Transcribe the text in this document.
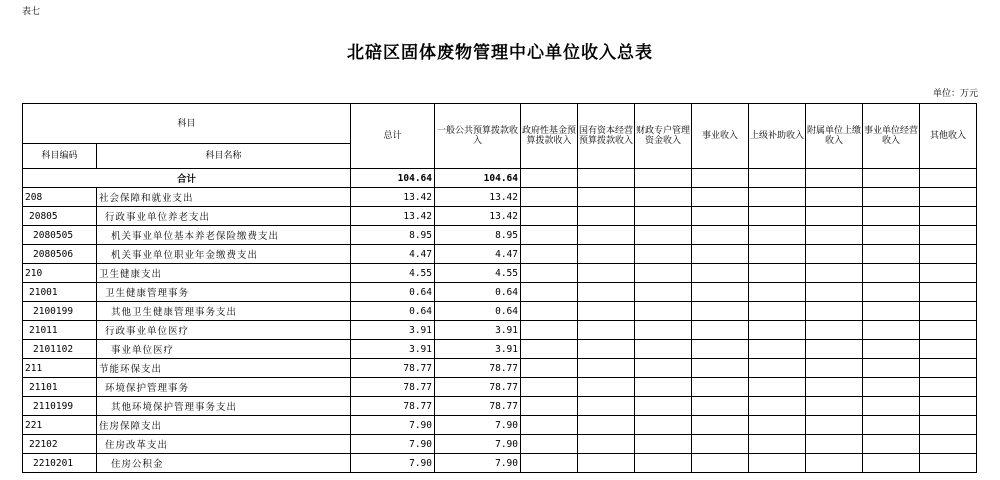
表七
北碚区固体废物管理中心单位收入总表
单位：万元
科目		总计	一般公共预算拨款收入	政府性基金预算拨款收入	国有资本经营预算拨款收入	财政专户管理资金收入	事业收入	上级补助收入	附属单位上缴收入	事业单位经营收入	其他收入
科目编码	科目名称										
合计		104.64	104.64								
208	社会保障和就业支出	13.42	13.42								
20805	行政事业单位养老支出	13.42	13.42								
2080505	机关事业单位基本养老保险缴费支出	8.95	8.95								
2080506	机关事业单位职业年金缴费支出	4.47	4.47								
210	卫生健康支出	4.55	4.55								
21001	卫生健康管理事务	0.64	0.64								
2100199	其他卫生健康管理事务支出	0.64	0.64								
21011	行政事业单位医疗	3.91	3.91								
2101102	事业单位医疗	3.91	3.91								
211	节能环保支出	78.77	78.77								
21101	环境保护管理事务	78.77	78.77								
2110199	其他环境保护管理事务支出	78.77	78.77								
221	住房保障支出	7.90	7.90								
22102	住房改革支出	7.90	7.90								
2210201	住房公积金	7.90	7.90								
